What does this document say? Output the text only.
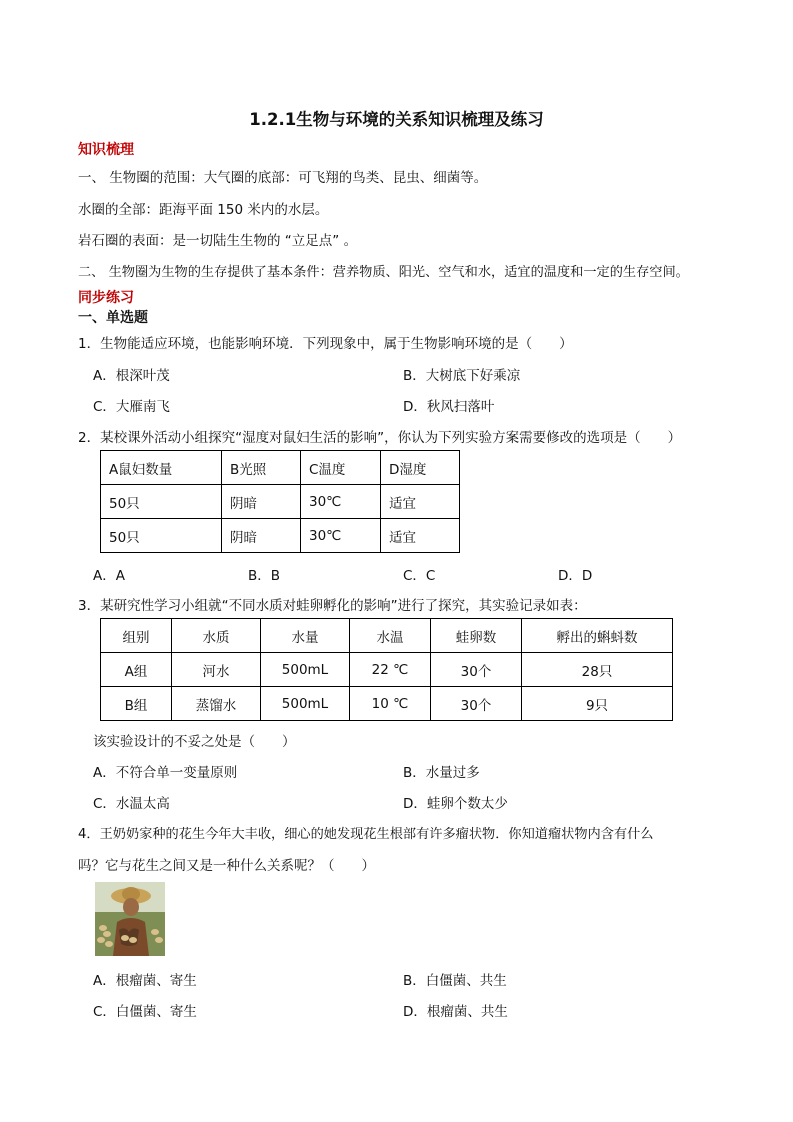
1.2.1生物与环境的关系知识梳理及练习
知识梳理
一、 生物圈的范围：大气圈的底部：可飞翔的鸟类、昆虫、细菌等。
水圈的全部：距海平面 150 米内的水层。
岩石圈的表面：是一切陆生生物的 “立足点” 。
二、 生物圈为生物的生存提供了基本条件：营养物质、阳光、空气和水，适宜的温度和一定的生存空间。
同步练习
一、单选题
1．生物能适应环境，也能影响环境．下列现象中，属于生物影响环境的是（　　）
A．根深叶茂	B．大树底下好乘凉
C．大雁南飞	D．秋风扫落叶
2．某校课外活动小组探究“湿度对鼠妇生活的影响”，你认为下列实验方案需要修改的选项是（　　）
A鼠妇数量	B光照	C温度	D湿度
50只	阴暗	30℃	适宜
50只	阴暗	30℃	适宜
A．A	B．B	C．C	D．D
3．某研究性学习小组就“不同水质对蛙卵孵化的影响”进行了探究，其实验记录如表：
组别	水质	水量	水温	蛙卵数	孵出的蝌蚪数
A组	河水	500mL	22 ℃	30个	28只
B组	蒸馏水	500mL	10 ℃	30个	9只
该实验设计的不妥之处是（　　）
A．不符合单一变量原则	B．水量过多
C．水温太高	D．蛙卵个数太少
4．王奶奶家种的花生今年大丰收，细心的她发现花生根部有许多瘤状物．你知道瘤状物内含有什么
吗？它与花生之间又是一种什么关系呢？（　　）
A．根瘤菌、寄生	B．白僵菌、共生
C．白僵菌、寄生	D．根瘤菌、共生
